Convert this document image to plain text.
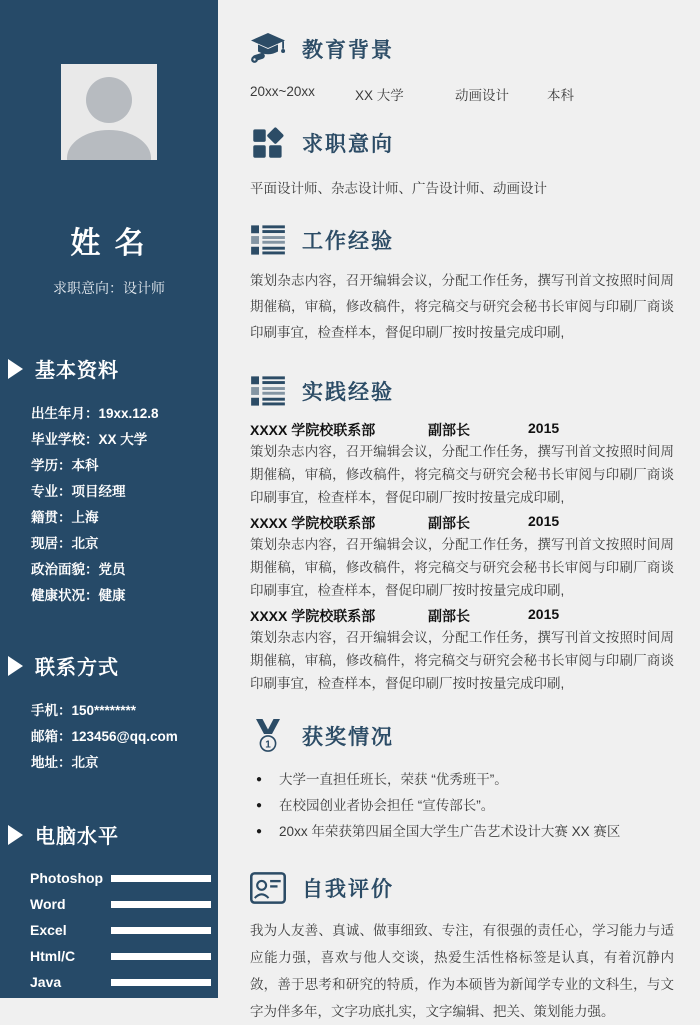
姓 名
求职意向：设计师
基本资料
出生年月：19xx.12.8
毕业学校：XX 大学
学历：本科
专业：项目经理
籍贯：上海
现居：北京
政治面貌：党员
健康状况：健康
联系方式
手机：150********
邮箱：123456@qq.com
地址：北京
电脑水平
Photoshop
Word
Excel
Html/C
Java
教育背景
20xx~20xx	XX 大学	动画设计	本科
求职意向
平面设计师、杂志设计师、广告设计师、动画设计
工作经验

策划杂志内容，召开编辑会议，分配工作任务，撰写刊首文按照时间周期催稿，审稿，修改稿件，将完稿交与研究会秘书长审阅与印刷厂商谈印刷事宜，检查样本，督促印刷厂按时按量完成印刷,

实践经验
XXXX 学院校联系部	副部长	2015

策划杂志内容，召开编辑会议，分配工作任务，撰写刊首文按照时间周期催稿，审稿，修改稿件，将完稿交与研究会秘书长审阅与印刷厂商谈印刷事宜，检查样本，督促印刷厂按时按量完成印刷,

XXXX 学院校联系部	副部长	2015

策划杂志内容，召开编辑会议，分配工作任务，撰写刊首文按照时间周期催稿，审稿，修改稿件，将完稿交与研究会秘书长审阅与印刷厂商谈印刷事宜，检查样本，督促印刷厂按时按量完成印刷,

XXXX 学院校联系部	副部长	2015

策划杂志内容，召开编辑会议，分配工作任务，撰写刊首文按照时间周期催稿，审稿，修改稿件，将完稿交与研究会秘书长审阅与印刷厂商谈印刷事宜，检查样本，督促印刷厂按时按量完成印刷,

1 获奖情况
● 大学一直担任班长，荣获 “优秀班干”。
● 在校园创业者协会担任 “宣传部长”。
● 20xx 年荣获第四届全国大学生广告艺术设计大赛 XX 赛区
自我评价

我为人友善、真诚、做事细致、专注，有很强的责任心，学习能力与适应能力强，喜欢与他人交谈，热爱生活性格标签是认真，有着沉静内敛，善于思考和研究的特质，作为本硕皆为新闻学专业的文科生，与文字为伴多年，文字功底扎实，文字编辑、把关、策划能力强。
